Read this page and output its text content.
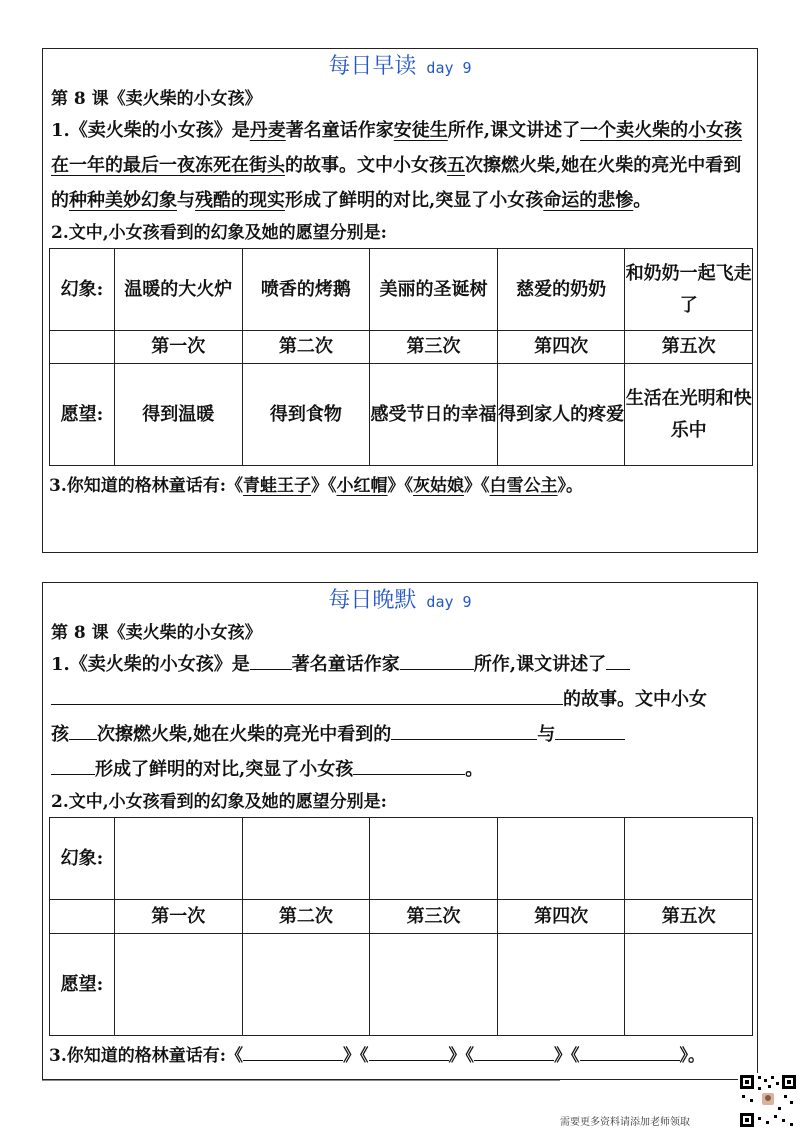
每日早读 day 9
第 8 课《卖火柴的小女孩》
1.《卖火柴的小女孩》是丹麦著名童话作家安徒生所作,课文讲述了一个卖火柴的小女孩在一年的最后一夜冻死在街头的故事。文中小女孩五次擦燃火柴,她在火柴的亮光中看到的种种美妙幻象与残酷的现实形成了鲜明的对比,突显了小女孩命运的悲惨。
2.文中,小女孩看到的幻象及她的愿望分别是:
幻象:	温暖的大火炉	喷香的烤鹅	美丽的圣诞树	慈爱的奶奶	和奶奶一起飞走了
	第一次	第二次	第三次	第四次	第五次
愿望:	得到温暖	得到食物	感受节日的幸福	得到家人的疼爱	生活在光明和快乐中
3.你知道的格林童话有:《青蛙王子》《小红帽》《灰姑娘》《白雪公主》。
每日晚默 day 9
第 8 课《卖火柴的小女孩》
1.《卖火柴的小女孩》是 著名童话作家	所作,课文讲述了
的故事。文中小女
孩 次擦燃火柴,她在火柴的亮光中看到的	与
形成了鲜明的对比,突显了小女孩	。
2.文中,小女孩看到的幻象及她的愿望分别是:
幻象:					
	第一次	第二次	第三次	第四次	第五次
愿望:					
3.你知道的格林童话有:《	》《	》《	》《	》。
需要更多资料请添加老师领取
